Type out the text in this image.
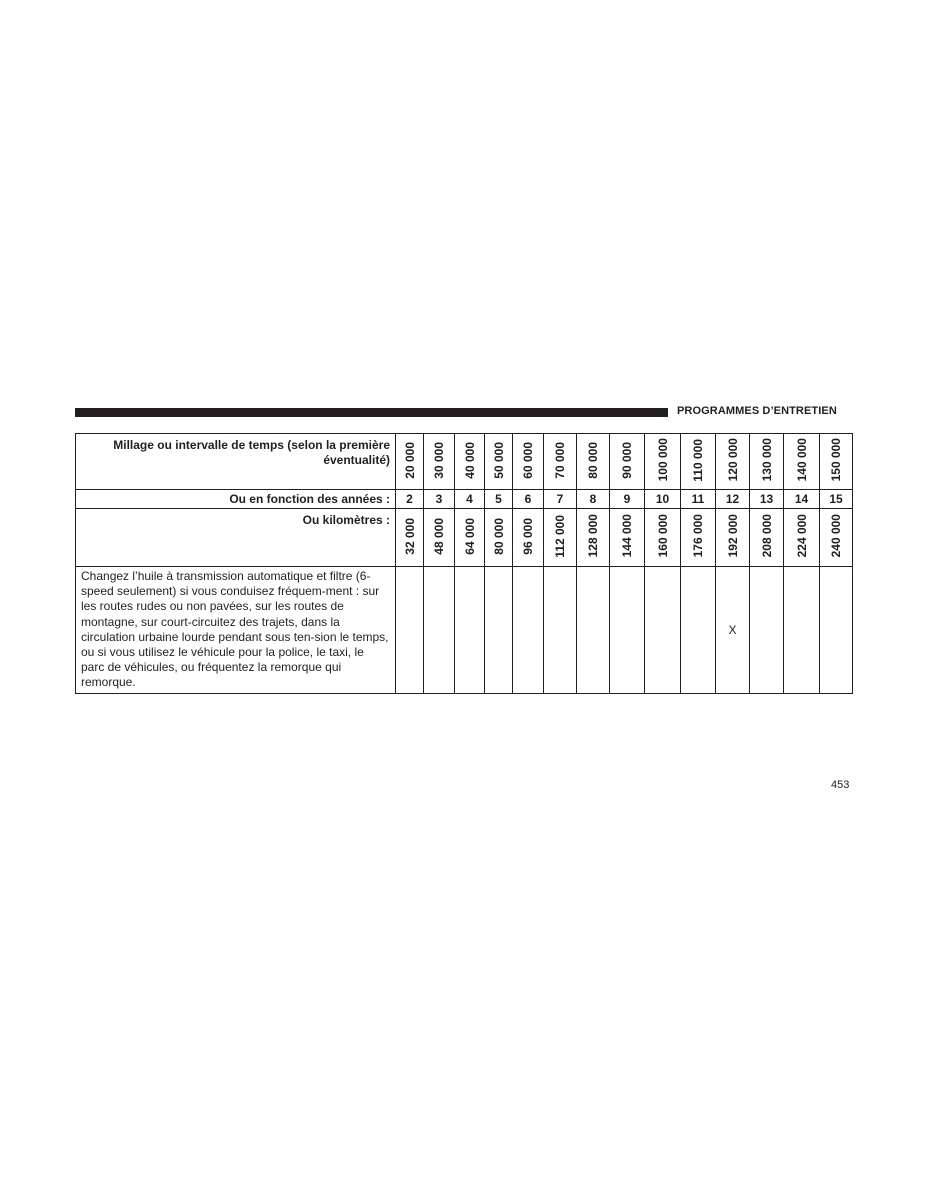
PROGRAMMES D’ENTRETIEN
Millage ou intervalle de temps (selon la première éventualité)	20 000	30 000	40 000	50 000	60 000	70 000	80 000	90 000	100 000	110 000	120 000	130 000	140 000	150 000
Ou en fonction des années :	2	3	4	5	6	7	8	9	10	11	12	13	14	15
Ou kilomètres :	32 000	48 000	64 000	80 000	96 000	112 000	128 000	144 000	160 000	176 000	192 000	208 000	224 000	240 000
Changez l’huile à transmission automatique et filtre (6-speed seulement) si vous conduisez fréquem-ment : sur les routes rudes ou non pavées, sur les routes de montagne, sur court-circuitez des trajets, dans la circulation urbaine lourde pendant sous ten-sion le temps, ou si vous utilisez le véhicule pour la police, le taxi, le parc de véhicules, ou fréquentez la remorque qui remorque.											X			
453
